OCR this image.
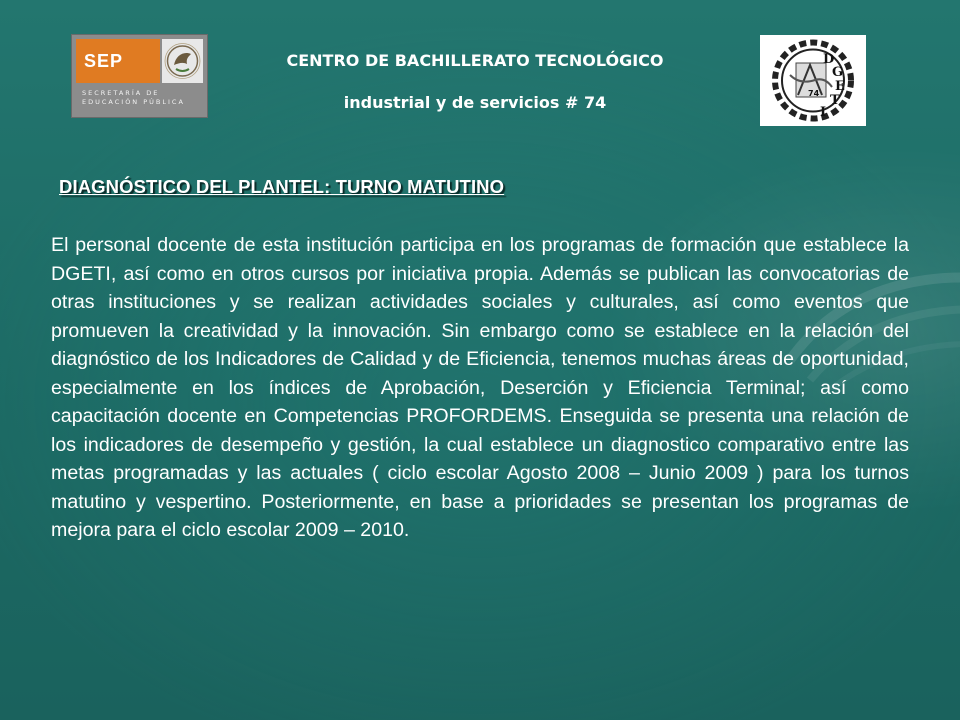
SEP
SECRETARÍA DE EDUCACIÓN PÚBLICA
CENTRO DE BACHILLERATO TECNOLÓGICO
industrial y de servicios # 74
D
G
E
T
I
74
DIAGNÓSTICO DEL PLANTEL: TURNO MATUTINO

El personal docente de esta institución participa en los programas de formación que establece la DGETI, así como en otros cursos por iniciativa propia. Además se publican las convocatorias de otras instituciones y se realizan actividades sociales y culturales, así como eventos que promueven la creatividad y la innovación. Sin embargo como se establece en la relación del diagnóstico de los Indicadores de Calidad y de Eficiencia, tenemos muchas áreas de oportunidad, especialmente en los índices de Aprobación, Deserción y Eficiencia Terminal; así como capacitación docente en Competencias PROFORDEMS. Enseguida se presenta una relación de los indicadores de desempeño y gestión, la cual establece un diagnostico comparativo entre las metas programadas y las actuales ( ciclo escolar Agosto 2008 – Junio 2009 ) para los turnos matutino y vespertino. Posteriormente, en base a prioridades se presentan los programas de mejora para el ciclo escolar 2009 – 2010.
